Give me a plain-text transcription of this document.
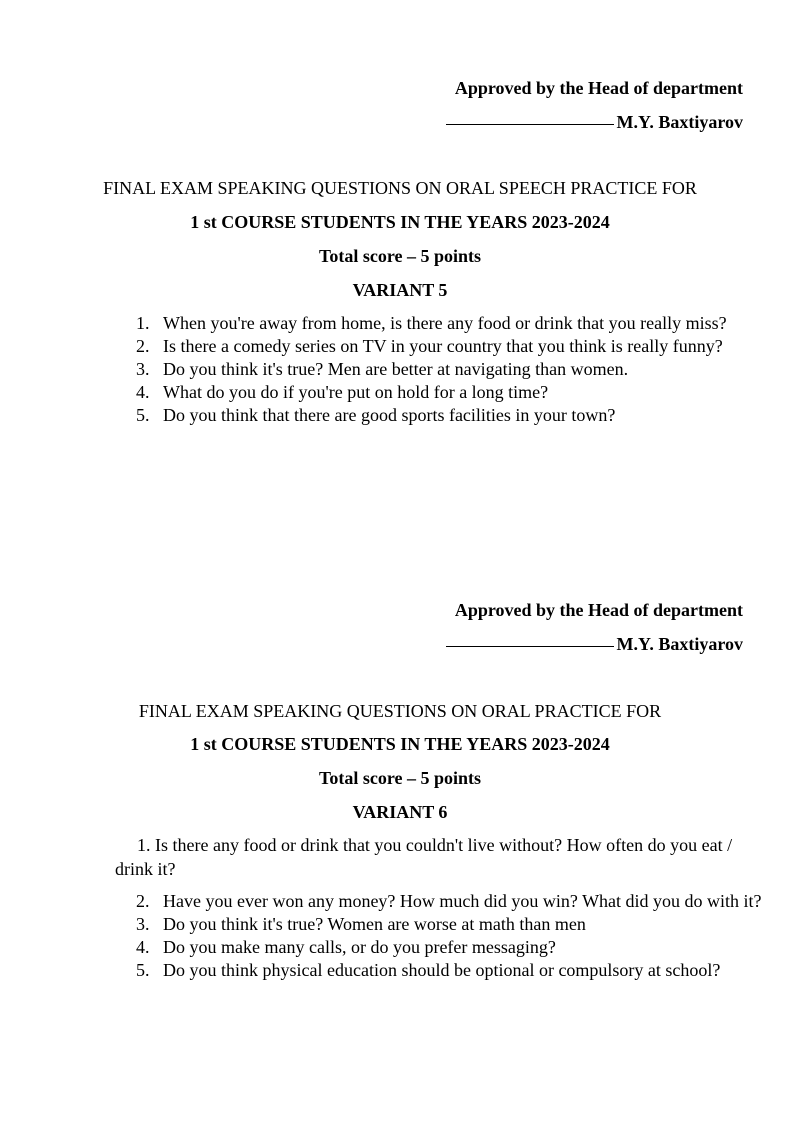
Approved by the Head of department
M.Y. Baxtiyarov
FINAL EXAM SPEAKING QUESTIONS ON ORAL SPEECH PRACTICE FOR
1 st COURSE STUDENTS IN THE YEARS 2023-2024
Total score – 5 points
VARIANT 5
1. When you're away from home, is there any food or drink that you really miss?
2. Is there a comedy series on TV in your country that you think is really funny?
3. Do you think it's true? Men are better at navigating than women.
4. What do you do if you're put on hold for a long time?
5. Do you think that there are good sports facilities in your town?
Approved by the Head of department
M.Y. Baxtiyarov
FINAL EXAM SPEAKING QUESTIONS ON ORAL PRACTICE FOR
1 st COURSE STUDENTS IN THE YEARS 2023-2024
Total score – 5 points
VARIANT 6
1. Is there any food or drink that you couldn't live without? How often do you eat / drink it?
2. Have you ever won any money? How much did you win? What did you do with it?
3. Do you think it's true? Women are worse at math than men
4. Do you make many calls, or do you prefer messaging?
5. Do you think physical education should be optional or compulsory at school?
